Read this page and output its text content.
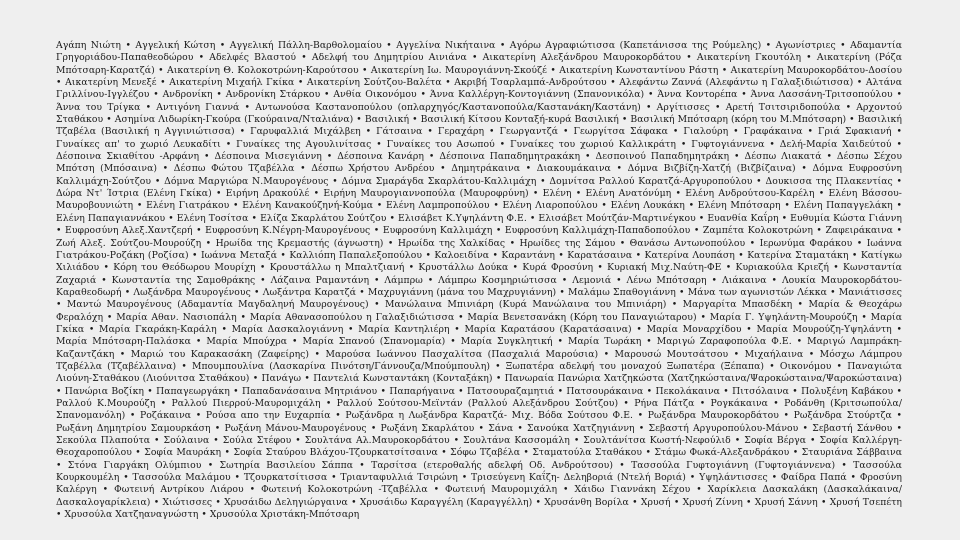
Αγάπη Νιώτη • Αγγελική Κώτση • Αγγελική Πάλλη-Βαρθολομαίου • Αγγελίνα Νικήταινα • Αγόρω Αγραφιώτισσα (Καπετάνισσα της Ρούμελης) • Αγωνίστριες • Αδαμαντία Γρηγοριάδου-Παπαθεοδώρου • Αδελφές Βλαστού • Αδελφή του Δημητρίου Αινιάνα • Αικατερίνη Αλεξάνδρου Μαυροκορδάτου • Αικατερίνη Γκουτόλη • Αικατερίνη (Ρόζα Μπότσαρη-Καρατζά) • Αικατερίνη Θ. Κολοκοτρώνη-Καρούτσου • Αικατερίνη Ιω. Μαυρογιάννη-Σκούζέ • Αικατερίνη Κωνσταντίνου Ράστη • Αικατερίνη Μαυροκορδάτου-Δοσίου • Αικατερίνη Μενεξέ • Αικατερίνη Μιχαήλ Γκίκα • Αικατερίνη Σούτζου-Βαλέτα • Ακριβή Τσαρλαμπά-Ανδρούτσου • Αλεφάντω Ζαννά (Αλεφάντω η Γαλαξιδιώτισσα) • Αλτάνα Γριλλίνου-Ιγγλέζου • Ανδρονίκη • Ανδρονίκη Στάρκου • Ανθία Οικονόμου • Άννα Καλλέργη-Κοντογιάννη (Σπανονικόλα) • Άννα Κοντορέπα • Άννα Λασσάνη-Τριτσοπούλου • Άννα του Τρίγκα • Αντιγόνη Γιαννά • Αντωνούσα Καστανοπούλου (οπλαρχηγός/Καστανοπούλα/Καστανάκη/Καστάνη) • Αργίτισσες • Αρετή Τσιτσιριδοπούλα • Αρχοντού Σταθάκου • Ασημίνα Λιδωρίκη-Γκούρα (Γκούραινα/Νταλιάνα) • Βασιλική • Βασιλική Κίτσου Κονταξή-κυρά Βασιλική • Βασιλική Μπότσαρη (κόρη του Μ.Μπότσαρη) • Βασιλική Τζαβέλα (Βασιλική η Αγγινιώτισσα) • Γαρυφαλλιά Μιχάλβεη • Γάτσαινα • Γεραχάρη • Γεωργαντζά • Γεωργίτσα Σάφακα • Γιαλούρη • Γραφάκαινα • Γριά Σφακιανή • Γυναίκες απ' το χωριό Λευκαδίτι • Γυναίκες της Αγουλινίτσας • Γυναίκες του Ασωπού • Γυναίκες του χωριού Καλλικράτη • Γυφτογιάννενα • Δελή-Μαρία Χαιδεύτού • Δέσποινα Σκιαθίτου -Αρφάνη • Δέσποινα Μισεγιάννη • Δέσποινα Κανάρη • Δέσποινα Παπαδημητρακάκη • Δεσποινού Παπαδημητράκη • Δέσπω Λιακατά • Δέσπω Σέχου Μπότση (Μπόσαινα) • Δέσπω Φώτου Τζαβέλλα • Δέσπω Χρήστου Ανδρέου • Δημητράκαινα • Διακουμάκαινα • Δόμνα Βιζβίζη-Χατζή (Βιζβίζαινα) • Δόμνα Ευφροσύνη Καλλιμάχη-Σούτζου • Δόμνα Μαργιώρα Ν.Μαυρογένους • Δόμνα Σμαράγδα Σκαρλάτου-Καλλιμάχη • Δομνίτσα Ραλλού Καρατζά-Αργυροπούλου • Δουκισσα της Πλακεντίας • Δώρα Ντ' Ίστρια (Ελένη Γκίκα) • Ειρήνη Δρακούλέ • Ειρήνη Μαυρογιαννοπούλα (Μαυροφρύνη) • Ελένη • Ελένη Ανατόνύμη • Ελένη Ανδρούτσου-Καρέλη • Ελένη Βάσσου-Μαυροβουνιώτη • Ελένη Γιατράκου • Ελένη Κανακούζηνή-Κούμα • Ελένη Λαμπροπούλου • Ελένη Λιαροπούλου • Ελένη Λουκάκη • Ελένη Μπότσαρη • Ελένη Παπαγγελάκη • Ελένη Παπαγιαννάκου • Ελένη Τοσίτσα • Ελίζα Σκαρλάτου Σούτζου • Ελισάβετ Κ.Υψηλάντη Φ.Ε. • Ελισάβετ Μούτζάν-Μαρτινέγκου • Ευανθία Καΐρη • Ευθυμία Κώστα Γιάννη • Ευφροσύνη Αλεξ.Χαντζερή • Ευφροσύνη Κ.Νέγρη-Μαυρογένους • Ευφροσύνη Καλλιμάχη • Ευφροσύνη Καλλιμάχη-Παπαδοπούλου • Ζαμπέτα Κολοκοτρώνη • Ζαφειράκαινα • Ζωή Αλεξ. Σούτζου-Μουρούζη • Ηρωίδα της Κρεμαστής (άγνωστη) • Ηρωίδα της Χαλκίδας • Ηρωίδες της Σάμου • Θανάσω Αντωνοπούλου • Ιερωνύμα Φαράκου • Ιωάννα Γιατράκου-Ροζάκη (Ροζίσα) • Ιωάννα Μεταξά • Καλλιόπη Παπαλεξοπούλου • Καλοειδίνα • Καραντάνη • Καρατάσαινα • Κατερίνα Λουπάση • Κατερίνα Σταματάκη • Κατίγκω Χιλιάδου • Κόρη του Θεόδωρου Μουρίχη • Κρουστάλλω η Μπαλτζιανή • Κρυστάλλω Δούκα • Κυρά Φροσύνη • Κυριακή Μιχ.Ναύτη-ΦΕ • Κυριακούλα Κριεζή • Κωνσταντία Ζαχαριά • Κωνσταντία της Σαμοθράκης • Λάζαινα Ραμαντάνη • Λάμπρω • Λάμπρω Κοσμηριώτισσα • Λεμονιά • Λένω Μπότσαρη • Λιάκαινα • Λουκία Μαυροκορδάτου-Καραθεοδωρή • Λωξάνδρα Μαυρογένους • Λωξάντρα Καρατζά • Μαχρυγιάννη (μάνα του Μαχρυγιάννη) • Μαλάμω Σπαθογιάννη • Μάνα των αγωνιστών Λέκκα • Μανιάτισσες • Μαντώ Μαυρογένους (Αδαμαντία Μαγδαληνή Μαυρογένους) • Μανώλαινα Μπινιάρη (Κυρά Μανώλαινα του Μπινιάρη) • Μαργαρίτα Μπασδέκη • Μαρία & Θεοχάρω Φεραλόχη • Μαρία Αθαν. Νασιοπάλη • Μαρία Αθανασοπούλου η Γαλαξιδιώτισσα • Μαρία Βενετσανάκη (Κόρη του Παναγιώταρου) • Μαρία Γ. Υψηλάντη-Μουρούζη • Μαρία Γκίκα • Μαρία Γκαράκη-Καράλη • Μαρία Δασκαλογιάννη • Μαρία Καντηλιέρη • Μαρία Καρατάσου (Καρατάσαινα) • Μαρία Μοναρχίδου • Μαρία Μουρούζη-Υψηλάντη • Μαρία Μπότσαρη-Παλάσκα • Μαρία Μπούχρα • Μαρία Σπανού (Σπανομαρία) • Μαρία Συγκλητική • Μαρία Τωράκη • Μαριγώ Ζαραφοπούλα Φ.Ε. • Μαριγώ Λαμπράκη-Καζαντζάκη • Μαριώ του Καρακασάκη (Ζαφείρης) • Μαρούσα Ιωάννου Πασχαλίτσα (Πασχαλιά Μαρούσια) • Μαρουσώ Μουτσάτσου • Μιχαήλαινα • Μόσχω Λάμπρου Τζαβέλλα (Τζαβέλλαινα) • Μπουμπουλίνα (Λασκαρίνα Πινότση/Γάννουζα/Μπούμπουλη) • Ξωπατέρα αδελφή του μοναχού Ξωπατέρα (Ξέπαπα) • Οικονόμου • Παναγιώτα Λιούνη-Σταθάκου (Λιούνιτσα Σταθάκου) • Πανάγω • Παντελιά Κωνσταντάκη (Κονταξάκη) • Πανωραία Πανώρια Χατζηκώστα (Χατζηκώσταινα/Ψαροκώσταινα/Ψαροκώσταινα) • Πανώρια Βοζίκη • Παπαγεωργάκη • Παπαδανάσαινα Μητριάνου • Παπαρήγαινα • Πατσουραζαμητιά • Πατσουράκαινα • Πεκολάκαινα • Πιτσόλαινα • Πολυξένη Καβάκου • Ραλλού Κ.Μουρούζη • Ραλλού Πιερρού-Μαυρομιχάλη • Ραλλού Σούτσου-Μεϊντάν (Ραλλού Αλεξάνδρου Σούτζου) • Ρήνα Πάτζα • Ρογκάκαινα • Ροδάνθη (Κριτσωπούλα/Σπανομανόλη) • Ροζάκαινα • Ρούσα απο την Ευχαρπία • Ρωξάνδρα η Λωξάνδρα Καρατζά- Μιχ. Βόδα Σούτσου Φ.Ε. • Ρωξάνδρα Μαυροκορδάτου • Ρωξάνδρα Στούρτζα • Ρωξάνη Δημητρίου Σαμουρκάση • Ρωξάνη Μάνου-Μαυρογένους • Ρωξάνη Σκαρλάτου • Σάνα • Σανούκα Χατζηγιάννη • Σεβαστή Αργυροπούλου-Μάνου • Σεβαστή Σάνθου • Σεκούλα Πλαπούτα • Σούλαινα • Σούλα Στέφου • Σουλτάνα Αλ.Μαυροκορδάτου • Σουλτάνα Κασσομάλη • Σουλτάνίτσα Κωστή-Νεφούλιδ • Σοφία Βέργα • Σοφία Καλλέργη-Θεοχαροπούλου • Σοφία Μαυράκη • Σοφία Σταύρου Βλάχου-Τζουρκατσίτσαινα • Σόφω Τζαβέλα • Σταματούλα Σταθάκου • Στάμω Φωκά-Αλεξανδράκου • Σταυριάνα Σάββαινα • Στόνα Γιαργάκη Ολύμπιου • Σωτηρία Βασιλείου Σάππα • Ταρσίτσα (ετεροθαλής αδελφή Οδ. Ανδρούτσου) • Τασσούλα Γυφτογιάννη (Γυφτογιάννενα) • Τασσούλα Κουρκουμέλη • Τασσούλα Μαλάμου • Τζουρκατσίτισσα • Τριανταφυλλιά Τσιρώνη • Τρισεύγενη Καΐζη- Δεληβοριά (Ντελή Βοριά) • Υψηλάντισσες • Φαίδρα Παπά • Φροσύνη Καλέργη • Φωτεινή Αντρίκου Λιάρου • Φωτεινή Κολοκοτρώνη -Τζαβέλλα • Φωτεινή Μαυρομιχάλη • Χάιδω Γιαννάκη Σέχου • Χαρίκλεια Δασκαλάκη (Δασκαλάκαινα/Δασκαλογαρίκλεια) • Χιώτισσες • Χρυσάιδω Δεληγιώργαινα • Χρυσάιδω Καραγγέλη (Καραγγέλλη) • Χρυσάνθη Βορίλα • Χρυσή • Χρυσή Ζίννη • Χρυσή Σάννη • Χρυσή Τσεπέτη • Χρυσούλα Χατζηαναγνώστη • Χρυσούλα Χριστάκη-Μπότσαρη
